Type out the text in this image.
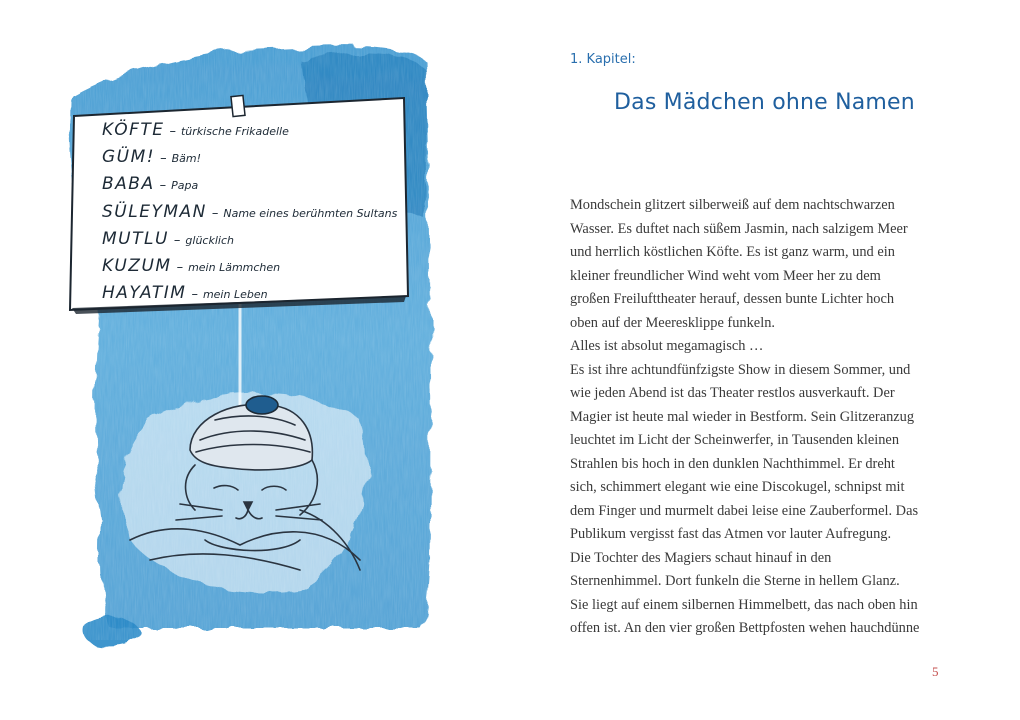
KÖFTE – türkische Frikadelle
GÜM! – Bäm!
BABA – Papa
SÜLEYMAN – Name eines berühmten Sultans
MUTLU – glücklich
KUZUM – mein Lämmchen
HAYATIM – mein Leben
1. Kapitel:
Das Mädchen ohne Namen
Mondschein glitzert silberweiß auf dem nachtschwarzen
Wasser. Es duftet nach süßem Jasmin, nach salzigem Meer
und herrlich köstlichen Köfte. Es ist ganz warm, und ein
kleiner freundlicher Wind weht vom Meer her zu dem
großen Freilufttheater herauf, dessen bunte Lichter hoch
oben auf der Meeresklippe funkeln.
Alles ist absolut megamagisch …
Es ist ihre achtundfünfzigste Show in diesem Sommer, und
wie jeden Abend ist das Theater restlos ausverkauft. Der
Magier ist heute mal wieder in Bestform. Sein Glitzeranzug
leuchtet im Licht der Scheinwerfer, in Tausenden kleinen
Strahlen bis hoch in den dunklen Nachthimmel. Er dreht
sich, schimmert elegant wie eine Discokugel, schnipst mit
dem Finger und murmelt dabei leise eine Zauberformel. Das
Publikum vergisst fast das Atmen vor lauter Aufregung.
Die Tochter des Magiers schaut hinauf in den
Sternenhimmel. Dort funkeln die Sterne in hellem Glanz.
Sie liegt auf einem silbernen Himmelbett, das nach oben hin
offen ist. An den vier großen Bettpfosten wehen hauchdünne
5
